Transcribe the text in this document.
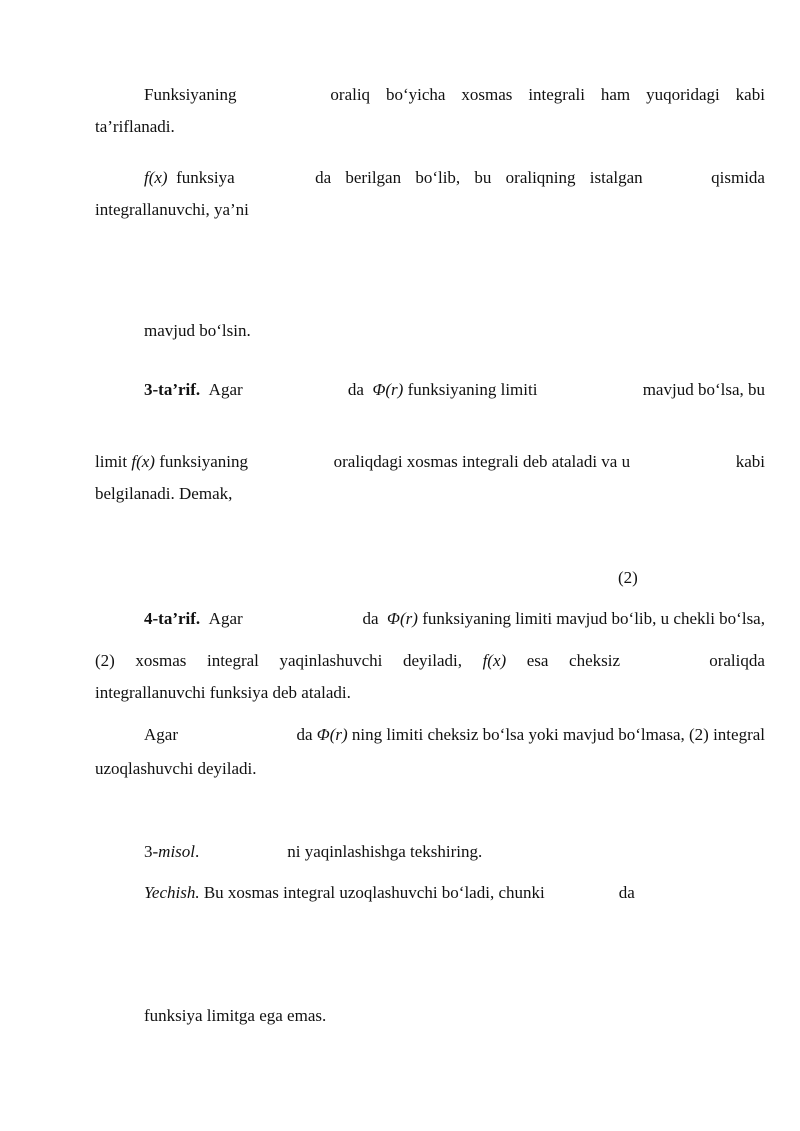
Funksiyaning	oraliq bo‘yicha xosmas integrali ham yuqoridagi kabi
ta’riflanadi.
f(x) funksiya	da berilgan bo‘lib, bu oraliqning istalgan	qismida
integrallanuvchi, ya’ni
mavjud bo‘lsin.
3-ta’rif. Agar	da Φ(r) funksiyaning limiti	mavjud bo‘lsa, bu
limit f(x) funksiyaning	oraliqdagi xosmas integrali deb ataladi va u	kabi
belgilanadi. Demak,
(2)
4-ta’rif. Agar	da Φ(r) funksiyaning limiti mavjud bo‘lib, u chekli bo‘lsa,
(2) xosmas integral yaqinlashuvchi deyiladi, f(x) esa cheksiz	oraliqda
integrallanuvchi funksiya deb ataladi.
Agar	da Φ(r) ning limiti cheksiz bo‘lsa yoki mavjud bo‘lmasa, (2) integral
uzoqlashuvchi deyiladi.
3-misol.	ni yaqinlashishga tekshiring.
Yechish. Bu xosmas integral uzoqlashuvchi bo‘ladi, chunki	da
funksiya limitga ega emas.
